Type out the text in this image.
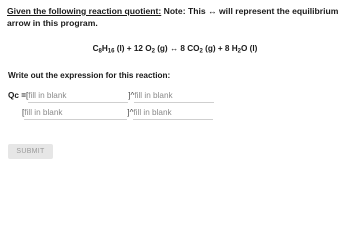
Given the following reaction quotient: Note: This ↔ will represent the equilibrium arrow in this program.
$C_8H_{16}$ (l) + 12 $O_2$ (g) ↔ 8 $CO_2$ (g) + 8 $H_2O$ (l)
Write out the expression for this reaction:
Qc = [ fill in blank	] ^ fill in blank
[ fill in blank	] ^ fill in blank
SUBMIT
